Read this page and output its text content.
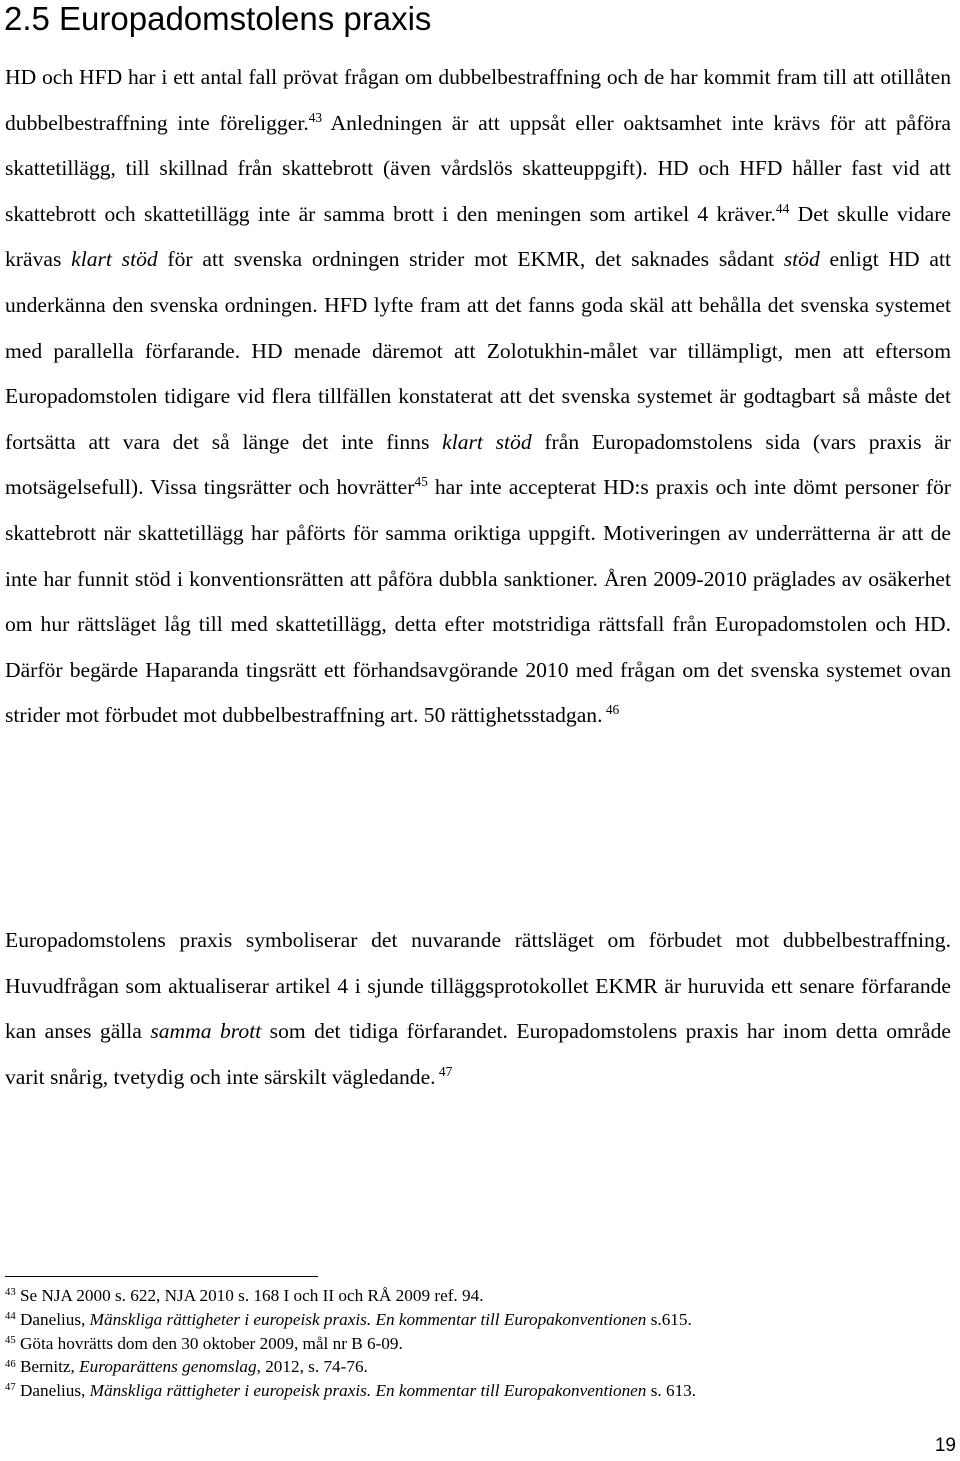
2.5 Europadomstolens praxis

HD och HFD har i ett antal fall prövat frågan om dubbelbestraffning och de har kommit fram till att otillåten dubbelbestraffning inte föreligger.$^{43}$ Anledningen är att uppsåt eller oaktsamhet inte krävs för att påföra skattetillägg, till skillnad från skattebrott (även vårdslös skatteuppgift). HD och HFD håller fast vid att skattebrott och skattetillägg inte är samma brott i den meningen som artikel 4 kräver.$^{44}$ Det skulle vidare krävas klart stöd för att svenska ordningen strider mot EKMR, det saknades sådant stöd enligt HD att underkänna den svenska ordningen. HFD lyfte fram att det fanns goda skäl att behålla det svenska systemet med parallella förfarande. HD menade däremot att Zolotukhin-målet var tillämpligt, men att eftersom Europadomstolen tidigare vid flera tillfällen konstaterat att det svenska systemet är godtagbart så måste det fortsätta att vara det så länge det inte finns klart stöd från Europadomstolens sida (vars praxis är motsägelsefull). Vissa tingsrätter och hovrätter$^{45}$ har inte accepterat HD:s praxis och inte dömt personer för skattebrott när skattetillägg har påförts för samma oriktiga uppgift. Motiveringen av underrätterna är att de inte har funnit stöd i konventionsrätten att påföra dubbla sanktioner. Åren 2009-2010 präglades av osäkerhet om hur rättsläget låg till med skattetillägg, detta efter motstridiga rättsfall från Europadomstolen och HD. Därför begärde Haparanda tingsrätt ett förhandsavgörande 2010 med frågan om det svenska systemet ovan strider mot förbudet mot dubbelbestraffning art. 50 rättighetsstadgan. $^{46}$

Europadomstolens praxis symboliserar det nuvarande rättsläget om förbudet mot dubbelbestraffning. Huvudfrågan som aktualiserar artikel 4 i sjunde tilläggsprotokollet EKMR är huruvida ett senare förfarande kan anses gälla samma brott som det tidiga förfarandet. Europadomstolens praxis har inom detta område varit snårig, tvetydig och inte särskilt vägledande. $^{47}$

$^{43}$ Se NJA 2000 s. 622, NJA 2010 s. 168 I och II och RÅ 2009 ref. 94.
$^{44}$ Danelius, Mänskliga rättigheter i europeisk praxis. En kommentar till Europakonventionen s.615.
$^{45}$ Göta hovrätts dom den 30 oktober 2009, mål nr B 6-09.
$^{46}$ Bernitz, Europarättens genomslag, 2012, s. 74-76.
$^{47}$ Danelius, Mänskliga rättigheter i europeisk praxis. En kommentar till Europakonventionen s. 613.
19
